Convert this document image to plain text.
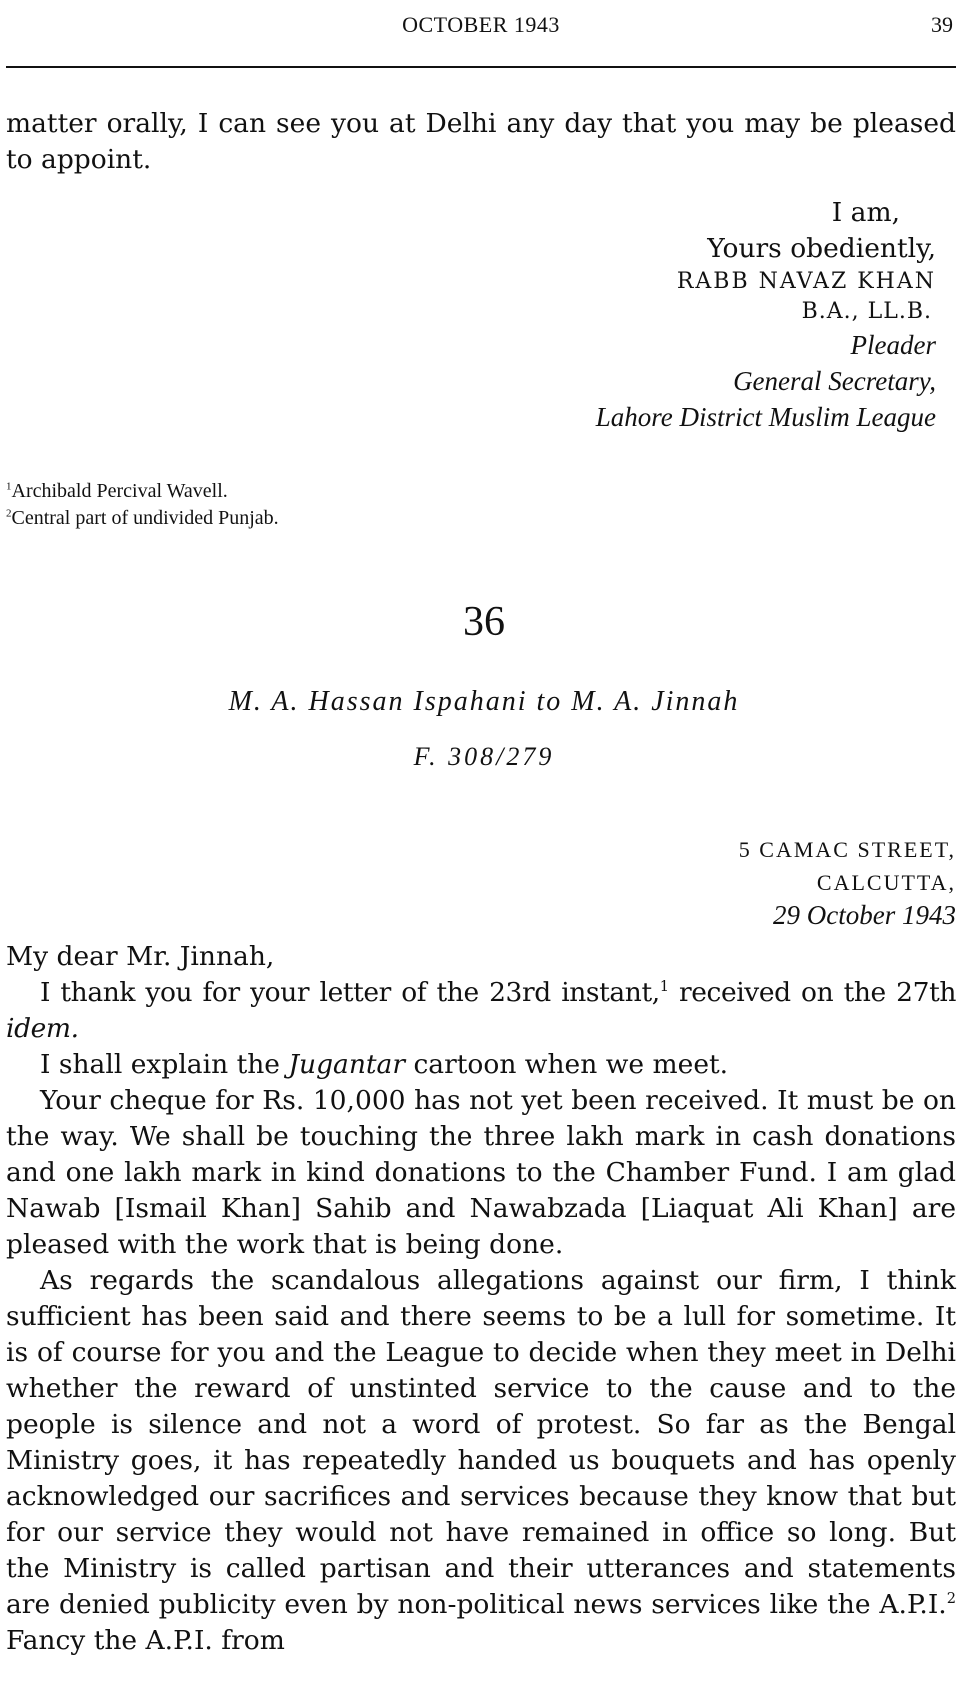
OCTOBER 1943	39

matter orally, I can see you at Delhi any day that you may be pleased to appoint.

I am,
Yours obediently,
RABB NAVAZ KHAN
B.A., LL.B.
Pleader
General Secretary,
Lahore District Muslim League
$^1$Archibald Percival Wavell.
$^2$Central part of undivided Punjab.
36
M. A. Hassan Ispahani to M. A. Jinnah
F. 308/279
5 CAMAC STREET,
CALCUTTA,
29 October 1943

My dear Mr. Jinnah,

I thank you for your letter of the 23rd instant,$^1$ received on the 27th idem.

I shall explain the Jugantar cartoon when we meet.

Your cheque for Rs. 10,000 has not yet been received. It must be on the way. We shall be touching the three lakh mark in cash donations and one lakh mark in kind donations to the Chamber Fund. I am glad Nawab [Ismail Khan] Sahib and Nawabzada [Liaquat Ali Khan] are pleased with the work that is being done.

As regards the scandalous allegations against our firm, I think sufficient has been said and there seems to be a lull for sometime. It is of course for you and the League to decide when they meet in Delhi whether the reward of unstinted service to the cause and to the people is silence and not a word of protest. So far as the Bengal Ministry goes, it has repeatedly handed us bouquets and has openly acknowledged our sacrifices and services because they know that but for our service they would not have remained in office so long. But the Ministry is called partisan and their utterances and statements are denied publicity even by non-political news services like the A.P.I.$^2$ Fancy the A.P.I. from
